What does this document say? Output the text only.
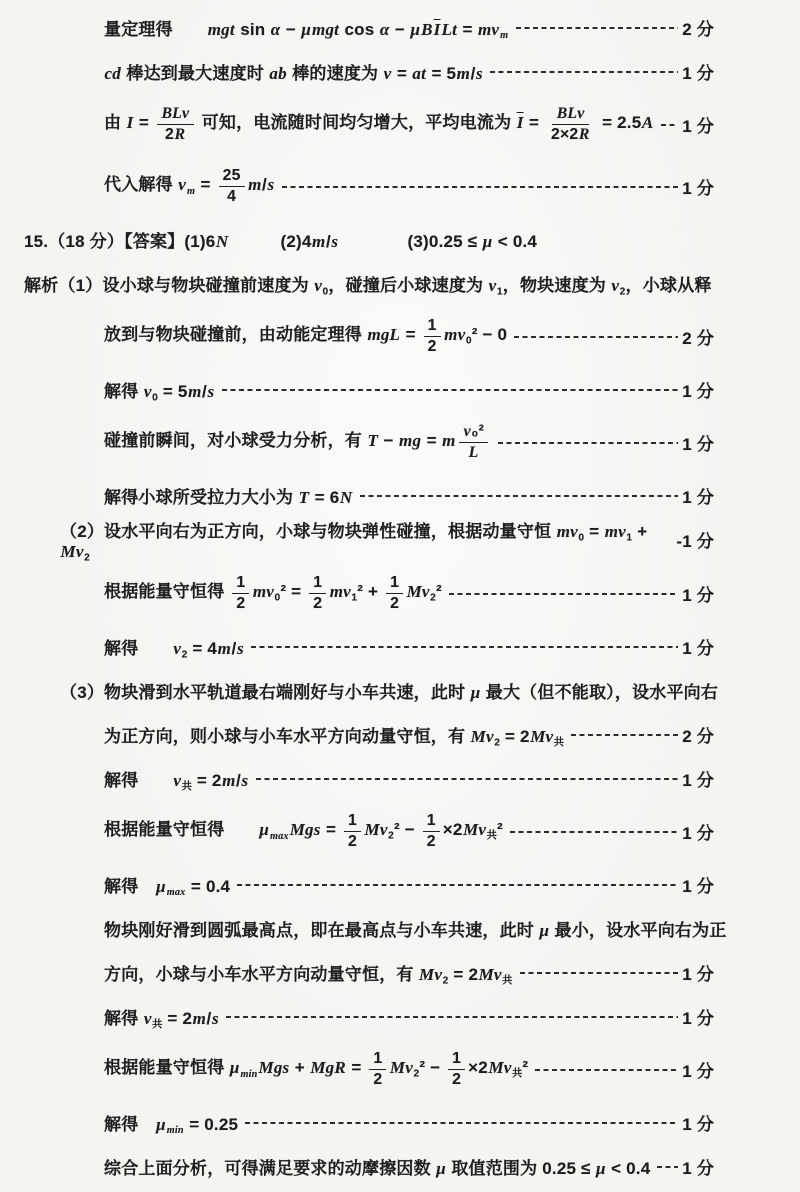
量定理得　　mgt sin α − μmgt $\cos \alpha - \mu B\overline{I}Lt = mv_m$	2 分
cd 棒达到最大速度时 ab 棒的速度为 v = at = 5m/s	1 分
由 $I = \frac{\text{BLv}}{2R}$ 可知，电流随时间均匀增大，平均电流为 $\overline{I} = \frac{\text{BLv}}{2\times 2R} = 2.5A$ 1 分
代入解得 $v_m = \frac{25}{4} m/s$	1 分
15.（18 分）【答案】(1)6N　　　(2)4m/s　　　　(3)0.25 ≤ μ < 0.4
解析（1）设小球与物块碰撞前速度为 $v_0$，碰撞后小球速度为 $v_1$，物块速度为 $v_2$，小球从释
放到与物块碰撞前，由动能定理得 mgL = $\frac{1}{2} mv_0^2 - 0$	2 分
解得 $v_0 = 5m/s$	1 分
碰撞前瞬间，对小球受力分析，有 T − mg = m $\frac{\text{v₀²}}{L}$	1 分
解得小球所受拉力大小为 T = 6N	1 分
（2）设水平向右为正方向，小球与物块弹性碰撞，根据动量守恒 $mv_0 = mv_1 + Mv_2$
-1 分
根据能量守恒得 $\frac{1}{2} mv_0^2 = \frac{1}{2} mv_1^2 + \frac{1}{2} Mv_2^2$	1 分
解得　　$v_2 = 4m/s$	1 分
（3）物块滑到水平轨道最右端刚好与小车共速，此时 μ 最大（但不能取），设水平向右
为正方向，则小球与小车水平方向动量守恒，有 $Mv_2 = 2Mv_共$	2 分
解得　　$v_共 = 2m/s$	1 分
根据能量守恒得　　$\mu_{max}Mgs = \frac{1}{2} Mv_2^2 - \frac{1}{2} \times 2Mv_共^2$	1 分
解得　$\mu_{max} = 0.4$	1 分
物块刚好滑到圆弧最高点，即在最高点与小车共速，此时 μ 最小，设水平向右为正
方向，小球与小车水平方向动量守恒，有 $Mv_2 = 2Mv_共$	1 分
解得 $v_共 = 2m/s$	1 分
根据能量守恒得 $\mu_{min}Mgs$ + MgR = $\frac{1}{2} Mv_2^2 - \frac{1}{2} \times 2Mv_共^2$	1 分
解得　$\mu_{min} = 0.25$	1 分
综合上面分析，可得满足要求的动摩擦因数 μ 取值范围为 0.25 ≤ μ < 0.4 1 分
